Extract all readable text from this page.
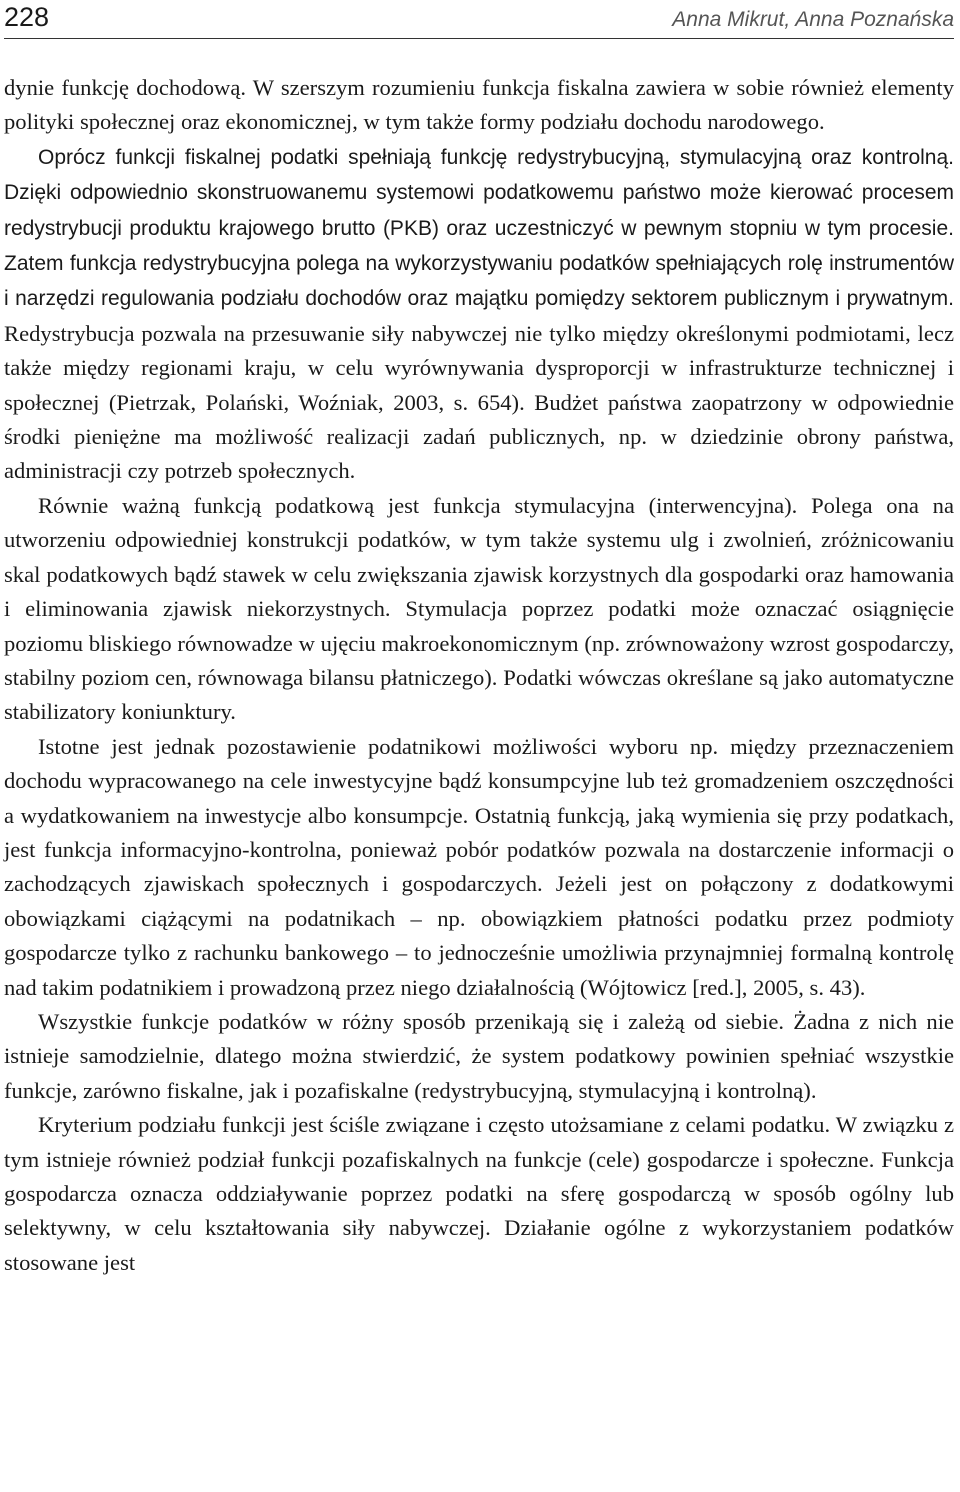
228	Anna Mikrut, Anna Poznańska

dynie funkcję dochodową. W szerszym rozumieniu funkcja fiskalna zawiera w sobie również elementy polityki społecznej oraz ekonomicznej, w tym także formy podziału dochodu narodowego.

Oprócz funkcji fiskalnej podatki spełniają funkcję redystrybucyjną, stymulacyjną oraz kontrolną. Dzięki odpowiednio skonstruowanemu systemowi podatkowemu państwo może kierować procesem redystrybucji produktu krajowego brutto (PKB) oraz uczestniczyć w pewnym stopniu w tym procesie. Zatem funkcja redystrybucyjna polega na wykorzystywaniu podatków spełniających rolę instrumentów i narzędzi regulowania podziału dochodów oraz majątku pomiędzy sektorem publicznym i prywatnym. Redystrybucja pozwala na przesuwanie siły nabywczej nie tylko między określonymi podmiotami, lecz także między regionami kraju, w celu wyrównywania dysproporcji w infrastrukturze technicznej i społecznej (Pietrzak, Polański, Woźniak, 2003, s. 654). Budżet państwa zaopatrzony w odpowiednie środki pieniężne ma możliwość realizacji zadań publicznych, np. w dziedzinie obrony państwa, administracji czy potrzeb społecznych.

Równie ważną funkcją podatkową jest funkcja stymulacyjna (interwencyjna). Polega ona na utworzeniu odpowiedniej konstrukcji podatków, w tym także systemu ulg i zwolnień, zróżnicowaniu skal podatkowych bądź stawek w celu zwiększania zjawisk korzystnych dla gospodarki oraz hamowania i eliminowania zjawisk niekorzystnych. Stymulacja poprzez podatki może oznaczać osiągnięcie poziomu bliskiego równowadze w ujęciu makroekonomicznym (np. zrównoważony wzrost gospodarczy, stabilny poziom cen, równowaga bilansu płatniczego). Podatki wówczas określane są jako automatyczne stabilizatory koniunktury.

Istotne jest jednak pozostawienie podatnikowi możliwości wyboru np. między przeznaczeniem dochodu wypracowanego na cele inwestycyjne bądź konsumpcyjne lub też gromadzeniem oszczędności a wydatkowaniem na inwestycje albo konsumpcje. Ostatnią funkcją, jaką wymienia się przy podatkach, jest funkcja informacyjno-kontrolna, ponieważ pobór podatków pozwala na dostarczenie informacji o zachodzących zjawiskach społecznych i gospodarczych. Jeżeli jest on połączony z dodatkowymi obowiązkami ciążącymi na podatnikach – np. obowiązkiem płatności podatku przez podmioty gospodarcze tylko z rachunku bankowego – to jednocześnie umożliwia przynajmniej formalną kontrolę nad takim podatnikiem i prowadzoną przez niego działalnością (Wójtowicz [red.], 2005, s. 43).

Wszystkie funkcje podatków w różny sposób przenikają się i zależą od siebie. Żadna z nich nie istnieje samodzielnie, dlatego można stwierdzić, że system podatkowy powinien spełniać wszystkie funkcje, zarówno fiskalne, jak i pozafiskalne (redystrybucyjną, stymulacyjną i kontrolną).

Kryterium podziału funkcji jest ściśle związane i często utożsamiane z celami podatku. W związku z tym istnieje również podział funkcji pozafiskalnych na funkcje (cele) gospodarcze i społeczne. Funkcja gospodarcza oznacza oddziaływanie poprzez podatki na sferę gospodarczą w sposób ogólny lub selektywny, w celu kształtowania siły nabywczej. Działanie ogólne z wykorzystaniem podatków stosowane jest
